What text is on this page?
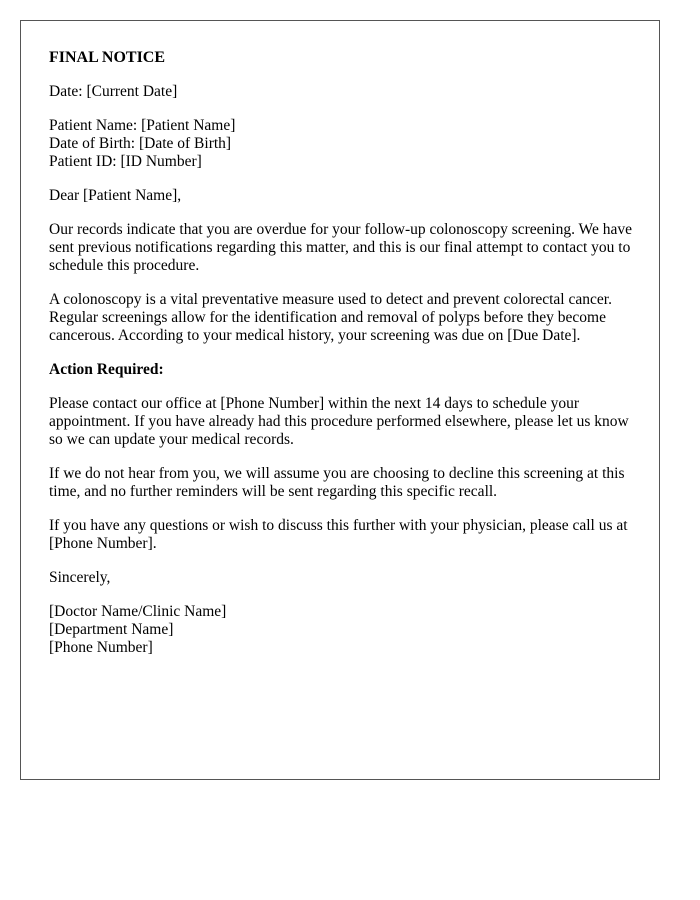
FINAL NOTICE

Date: [Current Date]

Patient Name: [Patient Name]
Date of Birth: [Date of Birth]
Patient ID: [ID Number]

Dear [Patient Name],

Our records indicate that you are overdue for your follow-up colonoscopy screening. We have sent previous notifications regarding this matter, and this is our final attempt to contact you to schedule this procedure.

A colonoscopy is a vital preventative measure used to detect and prevent colorectal cancer. Regular screenings allow for the identification and removal of polyps before they become cancerous. According to your medical history, your screening was due on [Due Date].

Action Required:

Please contact our office at [Phone Number] within the next 14 days to schedule your appointment. If you have already had this procedure performed elsewhere, please let us know so we can update your medical records.

If we do not hear from you, we will assume you are choosing to decline this screening at this time, and no further reminders will be sent regarding this specific recall.

If you have any questions or wish to discuss this further with your physician, please call us at [Phone Number].

Sincerely,

[Doctor Name/Clinic Name]
[Department Name]
[Phone Number]
